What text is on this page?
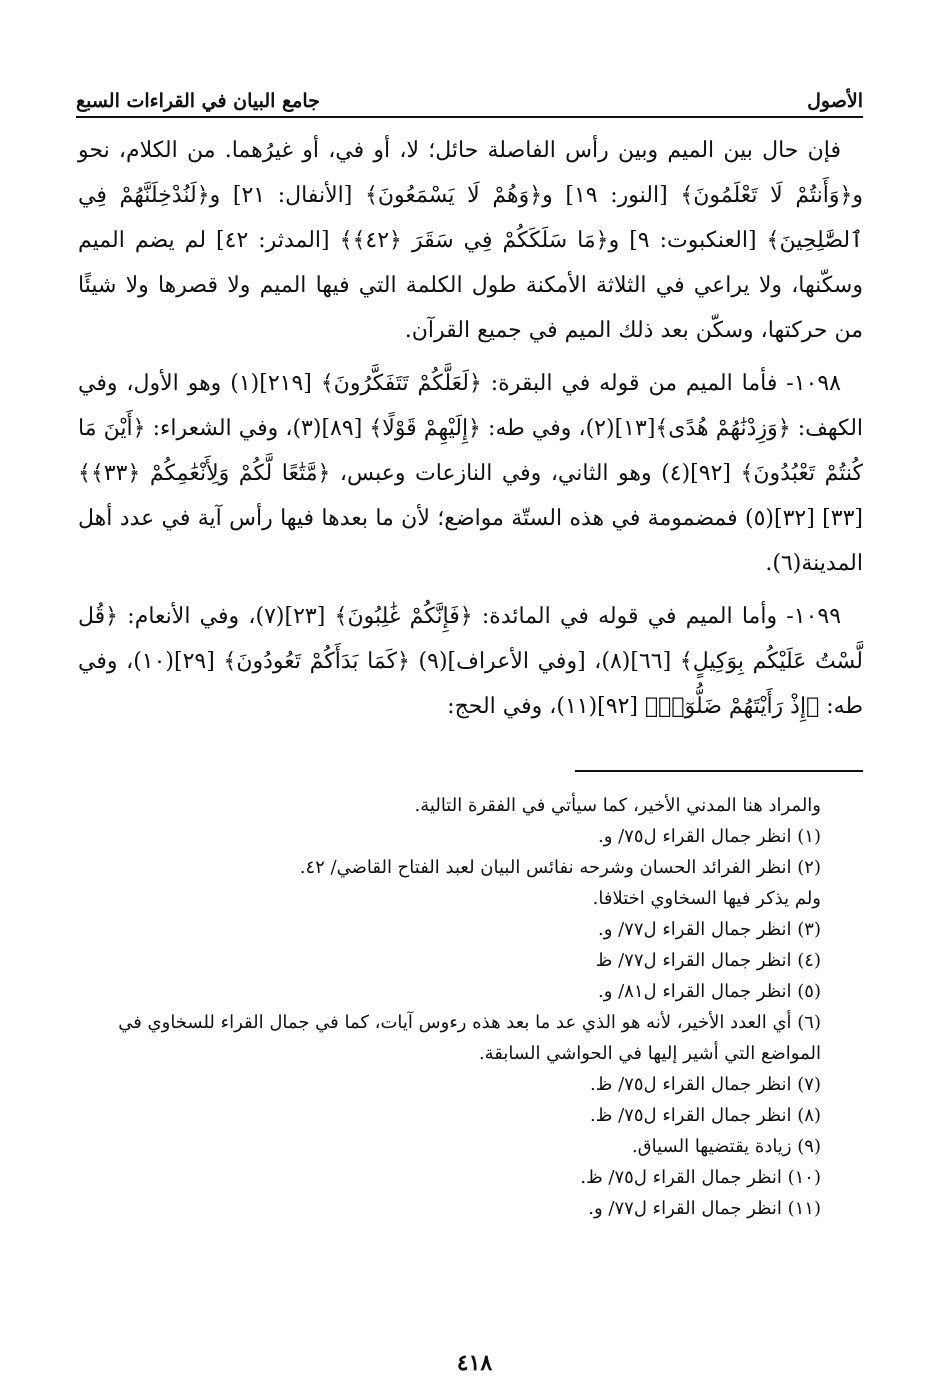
الأصول
جامع البيان في القراءات السبع

فإن حال بين الميم وبين رأس الفاصلة حائل؛ لا، أو في، أو غيرُهما. من الكلام، نحو و﴿وَأَنتُمْ لَا تَعْلَمُونَ﴾ [النور: ١٩] و﴿وَهُمْ لَا يَسْمَعُونَ﴾ [الأنفال: ٢١] و﴿لَنُدْخِلَنَّهُمْ فِي ٱلصَّٰلِحِينَ﴾ [العنكبوت: ٩] و﴿مَا سَلَكَكُمْ فِي سَقَرَ ﴿٤٢﴾﴾ [المدثر: ٤٢] لم يضم الميم وسكّنها، ولا يراعي في الثلاثة الأمكنة طول الكلمة التي فيها الميم ولا قصرها ولا شيئًا من حركتها، وسكّن بعد ذلك الميم في جميع القرآن.

١٠٩٨- فأما الميم من قوله في البقرة: ﴿لَعَلَّكُمْ تَتَفَكَّرُونَ﴾ [٢١٩](١) وهو الأول، وفي الكهف: ﴿وَزِدْنَٰهُمْ هُدًى﴾[١٣](٢)، وفي طه: ﴿إِلَيْهِمْ قَوْلًا﴾ [٨٩](٣)، وفي الشعراء: ﴿أَيْنَ مَا كُنتُمْ تَعْبُدُونَ﴾ [٩٢](٤) وهو الثاني، وفي النازعات وعبس، ﴿مَّتَٰعًا لَّكُمْ وَلِأَنْعَٰمِكُمْ ﴿٣٣﴾﴾ [٣٣] [٣٢](٥) فمضمومة في هذه الستّة مواضع؛ لأن ما بعدها فيها رأس آية في عدد أهل المدينة(٦).

١٠٩٩- وأما الميم في قوله في المائدة: ﴿فَإِنَّكُمْ غَٰلِبُونَ﴾ [٢٣](٧)، وفي الأنعام: ﴿قُل لَّسْتُ عَلَيْكُم بِوَكِيلٍ﴾ [٦٦](٨)، [وفي الأعراف](٩) ﴿كَمَا بَدَأَكُمْ تَعُودُونَ﴾ [٢٩](١٠)، وفي طه: ﴿إِذْ رَأَيْتَهُمْ ضَلُّوٓا۟﴾ [٩٢](١١)، وفي الحج:

والمراد هنا المدني الأخير، كما سيأتي في الفقرة التالية.

(١) انظر جمال القراء ل٧٥/ و.

(٢) انظر الفرائد الحسان وشرحه نفائس البيان لعبد الفتاح القاضي/ ٤٢.

ولم يذكر فيها السخاوي اختلافا.

(٣) انظر جمال القراء ل٧٧/ و.

(٤) انظر جمال القراء ل٧٧/ ظ

(٥) انظر جمال القراء ل٨١/ و.

(٦) أي العدد الأخير، لأنه هو الذي عد ما بعد هذه رءوس آيات، كما في جمال القراء للسخاوي في المواضع التي أشير إليها في الحواشي السابقة.

(٧) انظر جمال القراء ل٧٥/ ظ.

(٨) انظر جمال القراء ل٧٥/ ظ.

(٩) زيادة يقتضيها السياق.

(١٠) انظر جمال القراء ل٧٥/ ظ.

(١١) انظر جمال القراء ل٧٧/ و.

٤١٨
